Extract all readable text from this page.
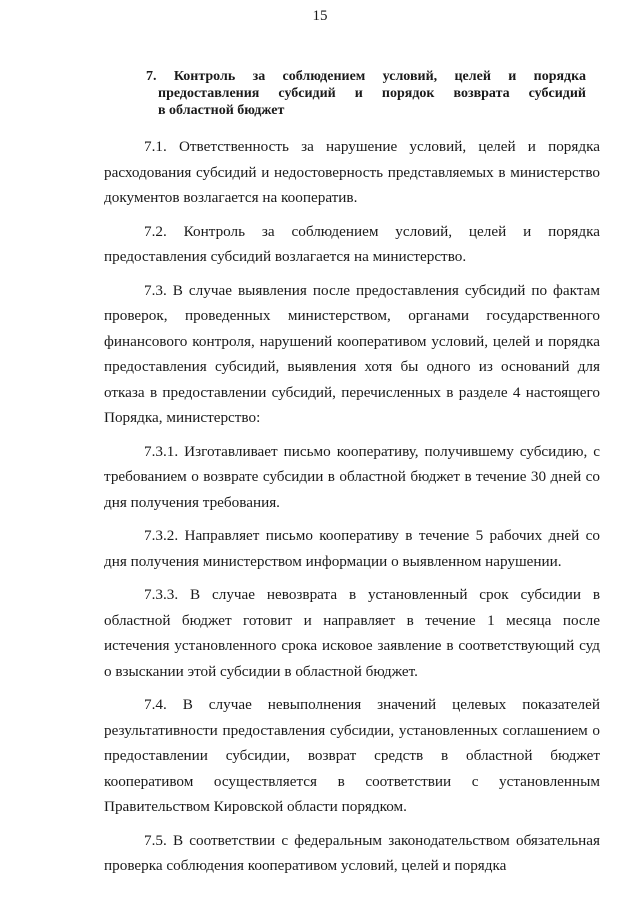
15
7. Контроль за соблюдением условий, целей и порядка
предоставления субсидий и порядок возврата субсидий
в областной бюджет

7.1. Ответственность за нарушение условий, целей и порядка расходования субсидий и недостоверность представляемых в министерство документов возлагается на кооператив.

7.2. Контроль за соблюдением условий, целей и порядка предоставления субсидий возлагается на министерство.

7.3. В случае выявления после предоставления субсидий по фактам проверок, проведенных министерством, органами государственного финансового контроля, нарушений кооперативом условий, целей и порядка предоставления субсидий, выявления хотя бы одного из оснований для отказа в предоставлении субсидий, перечисленных в разделе 4 настоящего Порядка, министерство:

7.3.1. Изготавливает письмо кооперативу, получившему субсидию, с требованием о возврате субсидии в областной бюджет в течение 30 дней со дня получения требования.

7.3.2. Направляет письмо кооперативу в течение 5 рабочих дней со дня получения министерством информации о выявленном нарушении.

7.3.3. В случае невозврата в установленный срок субсидии в областной бюджет готовит и направляет в течение 1 месяца после истечения установленного срока исковое заявление в соответствующий суд о взыскании этой субсидии в областной бюджет.

7.4. В случае невыполнения значений целевых показателей результативности предоставления субсидии, установленных соглашением о предоставлении субсидии, возврат средств в областной бюджет кооперативом осуществляется в соответствии с установленным Правительством Кировской области порядком.

7.5. В соответствии с федеральным законодательством обязательная проверка соблюдения кооперативом условий, целей и порядка
